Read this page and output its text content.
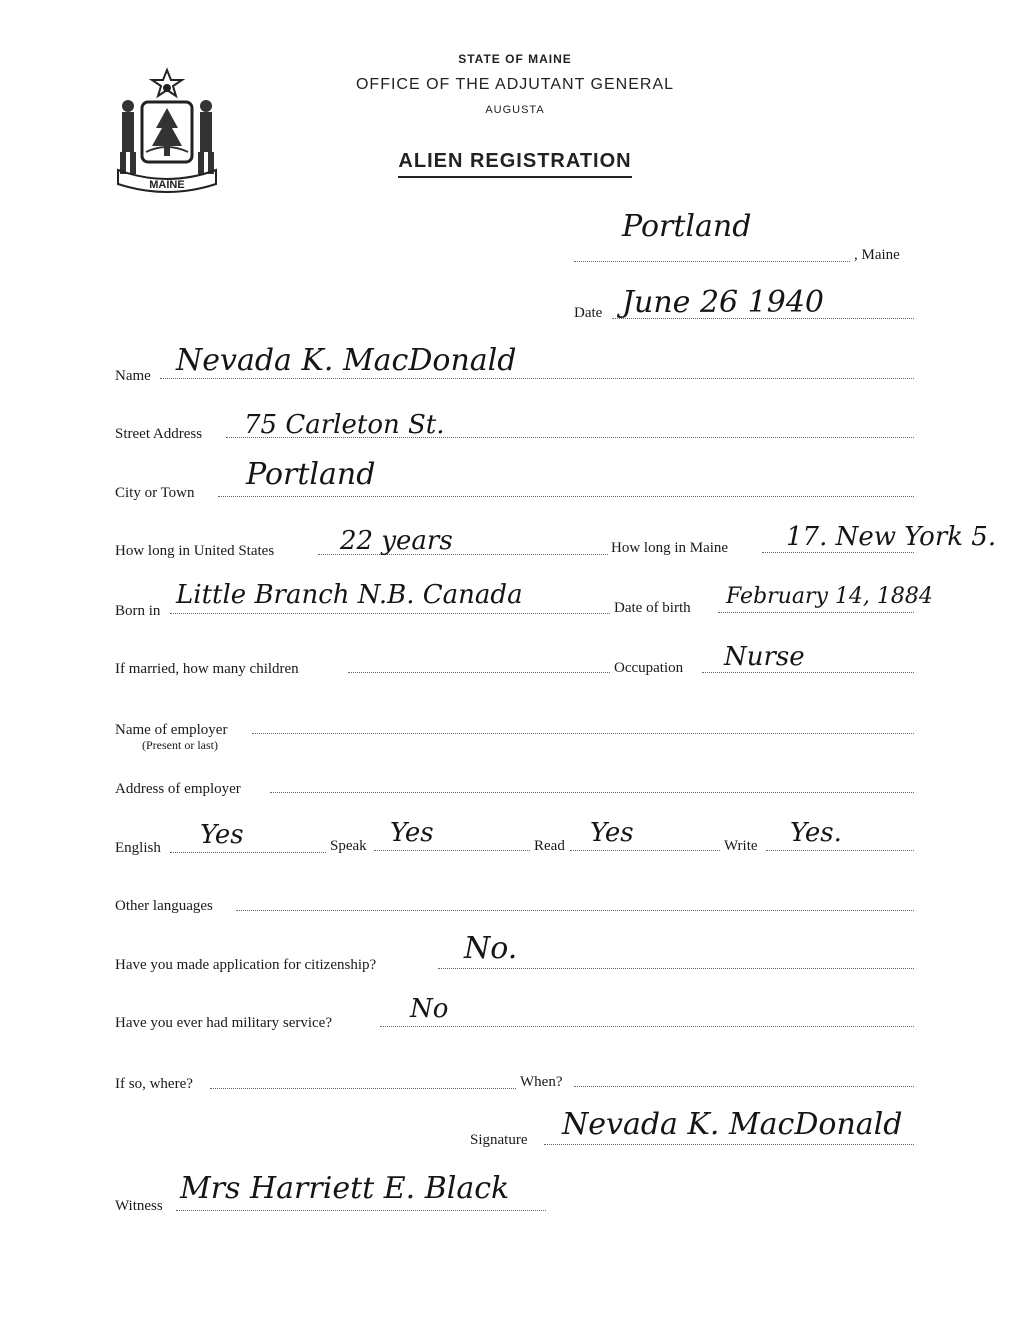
MAINE
STATE OF MAINE
OFFICE OF THE ADJUTANT GENERAL
AUGUSTA
ALIEN REGISTRATION
Portland
, Maine
Date June 26 1940
Name Nevada K. MacDonald
Street Address 75 Carleton St.
City or Town
Portland
How long in United States	22 years	How long in Maine 17. New York 5.
Born in
Little Branch N.B. Canada	Date of birth February 14, 1884
If married, how many children	Occupation Nurse
Name of employer
(Present or last)
Address of employer
English Yes	Speak Yes	Read Yes	Write Yes.
Other languages
Have you made application for citizenship?	No.
Have you ever had military service?	No
If so, where?	When?
Signature Nevada K. MacDonald
Witness Mrs Harriett E. Black
